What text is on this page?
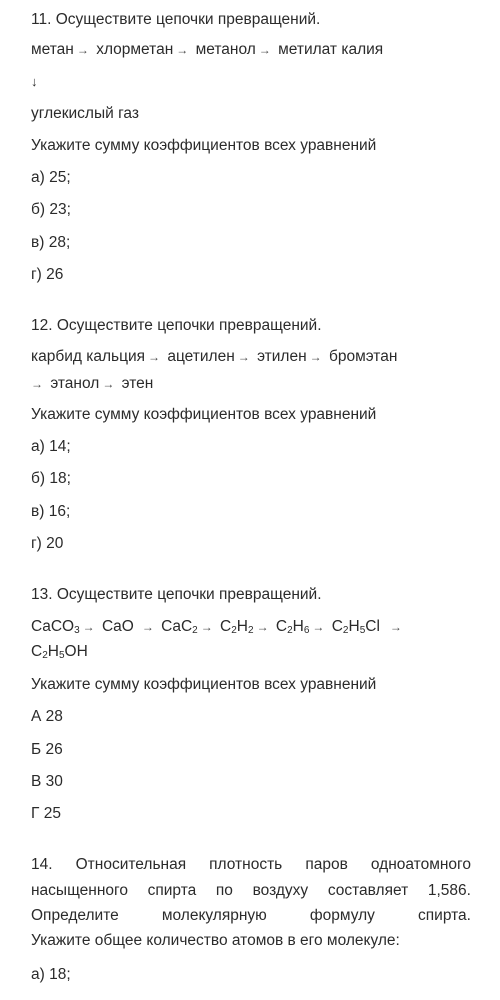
11. Осуществите цепочки превращений.
метан → хлорметан → метанол → метилат калия
↓
углекислый газ
Укажите сумму коэффициентов всех уравнений
а) 25;
б) 23;
в) 28;
г) 26
12. Осуществите цепочки превращений.
карбид кальция → ацетилен → этилен → бромэтан
→ этанол → этен
Укажите сумму коэффициентов всех уравнений
а) 14;
б) 18;
в) 16;
г) 20
13. Осуществите цепочки превращений.
CaCO$_3$ → CaO → $CaC_2 \to C_2H_2 \to C_2H_6 \to C_2H_5Cl$ →
$C_2H_5OH$
Укажите сумму коэффициентов всех уравнений
А 28
Б 26
В 30
Г 25
14. Относительная плотность паров одноатомного
насыщенного спирта по воздуху составляет 1,586.
Определите	молекулярную	формулу	спирта.
Укажите общее количество атомов в его молекуле:
а) 18;
